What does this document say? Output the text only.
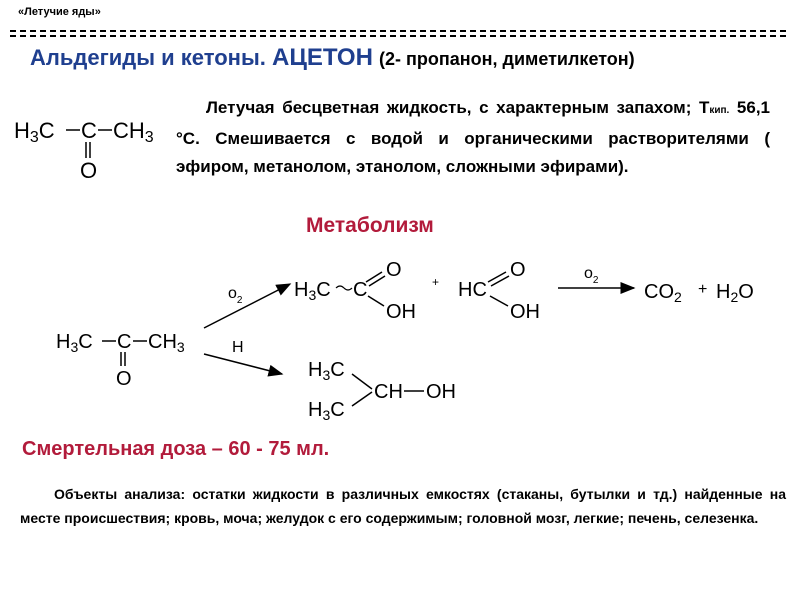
«Летучие яды»
Альдегиды и кетоны. АЦЕТОН (2- пропанон, диметилкетон)
H3C C CH3
O
Летучая бесцветная жидкость, с характерным запахом; Ткип. 56,1 °С. Смешивается с водой и органическими растворителями ( эфиром, метанолом, этанолом, сложными эфирами).
Метаболизм
$H_3C$ C $CH_3$
O
$o_2$
H
$H_3C$ C
O
OH
+ HC
O
OH
$o_2$
$CO_2 + H_2O$
$H_3C$
$H_3C$
CH OH
Смертельная доза – 60 - 75 мл.
Объекты анализа: остатки жидкости в различных емкостях (стаканы, бутылки и тд.) найденные на месте происшествия; кровь, моча; желудок с его содержимым; головной мозг, легкие; печень, селезенка.
